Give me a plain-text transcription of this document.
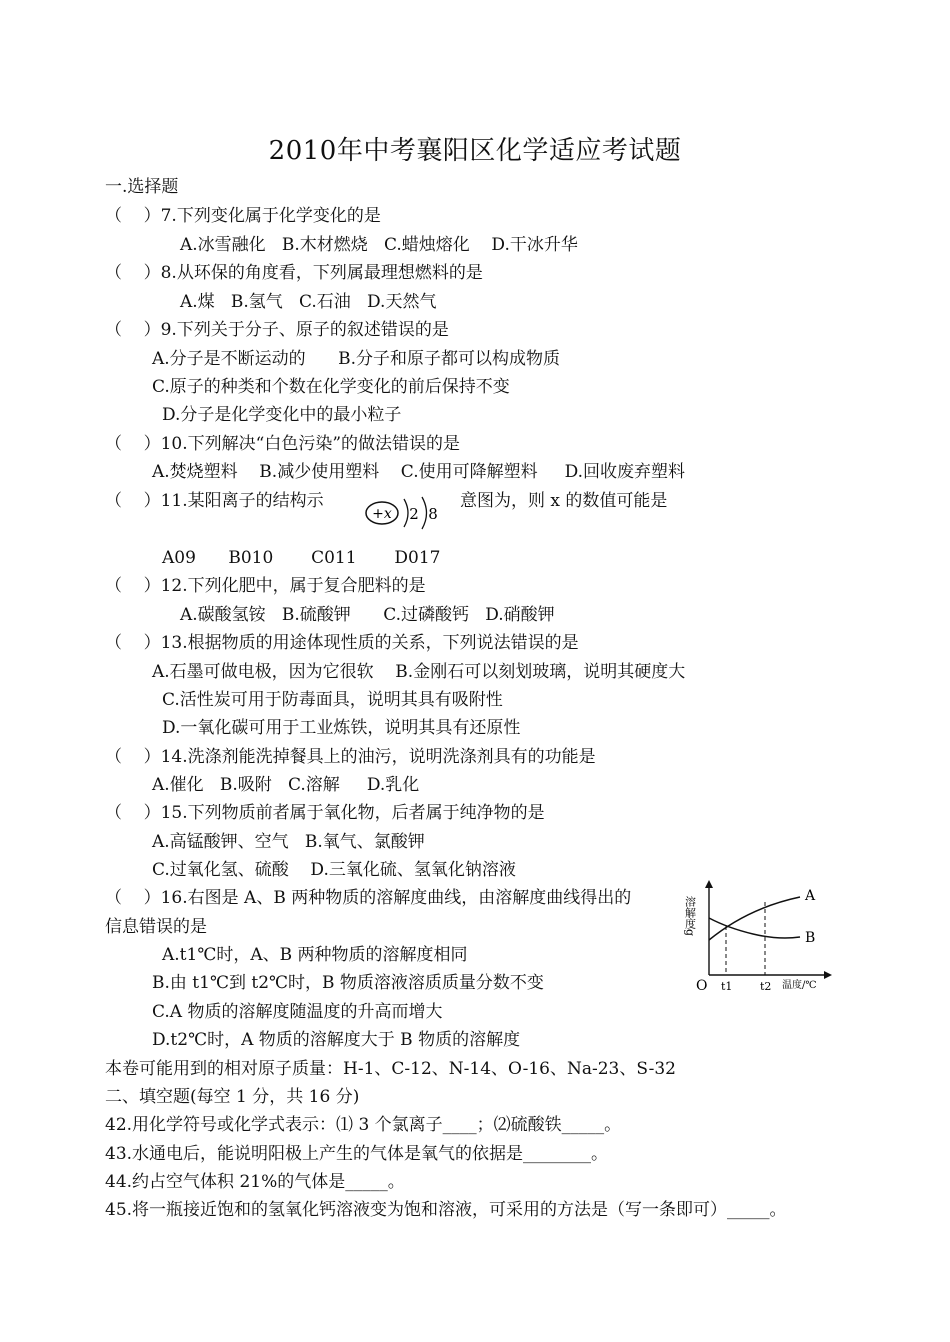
2010年中考襄阳区化学适应考试题
一.选择题
（    ）7.下列变化属于化学变化的是
A.冰雪融化   B.木材燃烧   C.蜡烛熔化    D.干冰升华
（    ）8.从环保的角度看，下列属最理想燃料的是
A.煤   B.氢气   C.石油   D.天然气
（    ）9.下列关于分子、原子的叙述错误的是
A.分子是不断运动的      B.分子和原子都可以构成物质
C.原子的种类和个数在化学变化的前后保持不变
D.分子是化学变化中的最小粒子
（    ）10.下列解决“白色污染”的做法错误的是
A.焚烧塑料    B.减少使用塑料    C.使用可降解塑料     D.回收废弃塑料
（    ）11.某阳离子的结构示	意图为，则 x 的数值可能是
+x 2 8
A09      B010       C011       D017
（    ）12.下列化肥中，属于复合肥料的是
A.碳酸氢铵   B.硫酸钾      C.过磷酸钙   D.硝酸钾
（    ）13.根据物质的用途体现性质的关系，下列说法错误的是
A.石墨可做电极，因为它很软    B.金刚石可以刻划玻璃，说明其硬度大
C.活性炭可用于防毒面具，说明其具有吸附性
D.一氧化碳可用于工业炼铁，说明其具有还原性
（    ）14.洗涤剂能洗掉餐具上的油污，说明洗涤剂具有的功能是
A.催化   B.吸附   C.溶解     D.乳化
（    ）15.下列物质前者属于氧化物，后者属于纯净物的是
A.高锰酸钾、空气   B.氧气、氯酸钾
C.过氧化氢、硫酸    D.三氧化硫、氢氧化钠溶液
（    ）16.右图是 A、B 两种物质的溶解度曲线，由溶解度曲线得出的
信息错误的是
A.t1℃时，A、B 两种物质的溶解度相同
B.由 t1℃到 t2℃时，B 物质溶液溶质质量分数不变
C.A 物质的溶解度随温度的升高而增大
D.t2℃时，A 物质的溶解度大于 B 物质的溶解度
本卷可能用到的相对原子质量：H-1、C-12、N-14、O-16、Na-23、S-32
二、填空题(每空 1 分，共 16 分)
42.用化学符号或化学式表示：⑴ 3 个氯离子____；⑵硫酸铁_____。
43.水通电后，能说明阳极上产生的气体是氧气的依据是________。
44.约占空气体积 21%的气体是_____。
45.将一瓶接近饱和的氢氧化钙溶液变为饱和溶液，可采用的方法是（写一条即可）_____。
A
B
溶解度g
O t1	t2 温度/℃
